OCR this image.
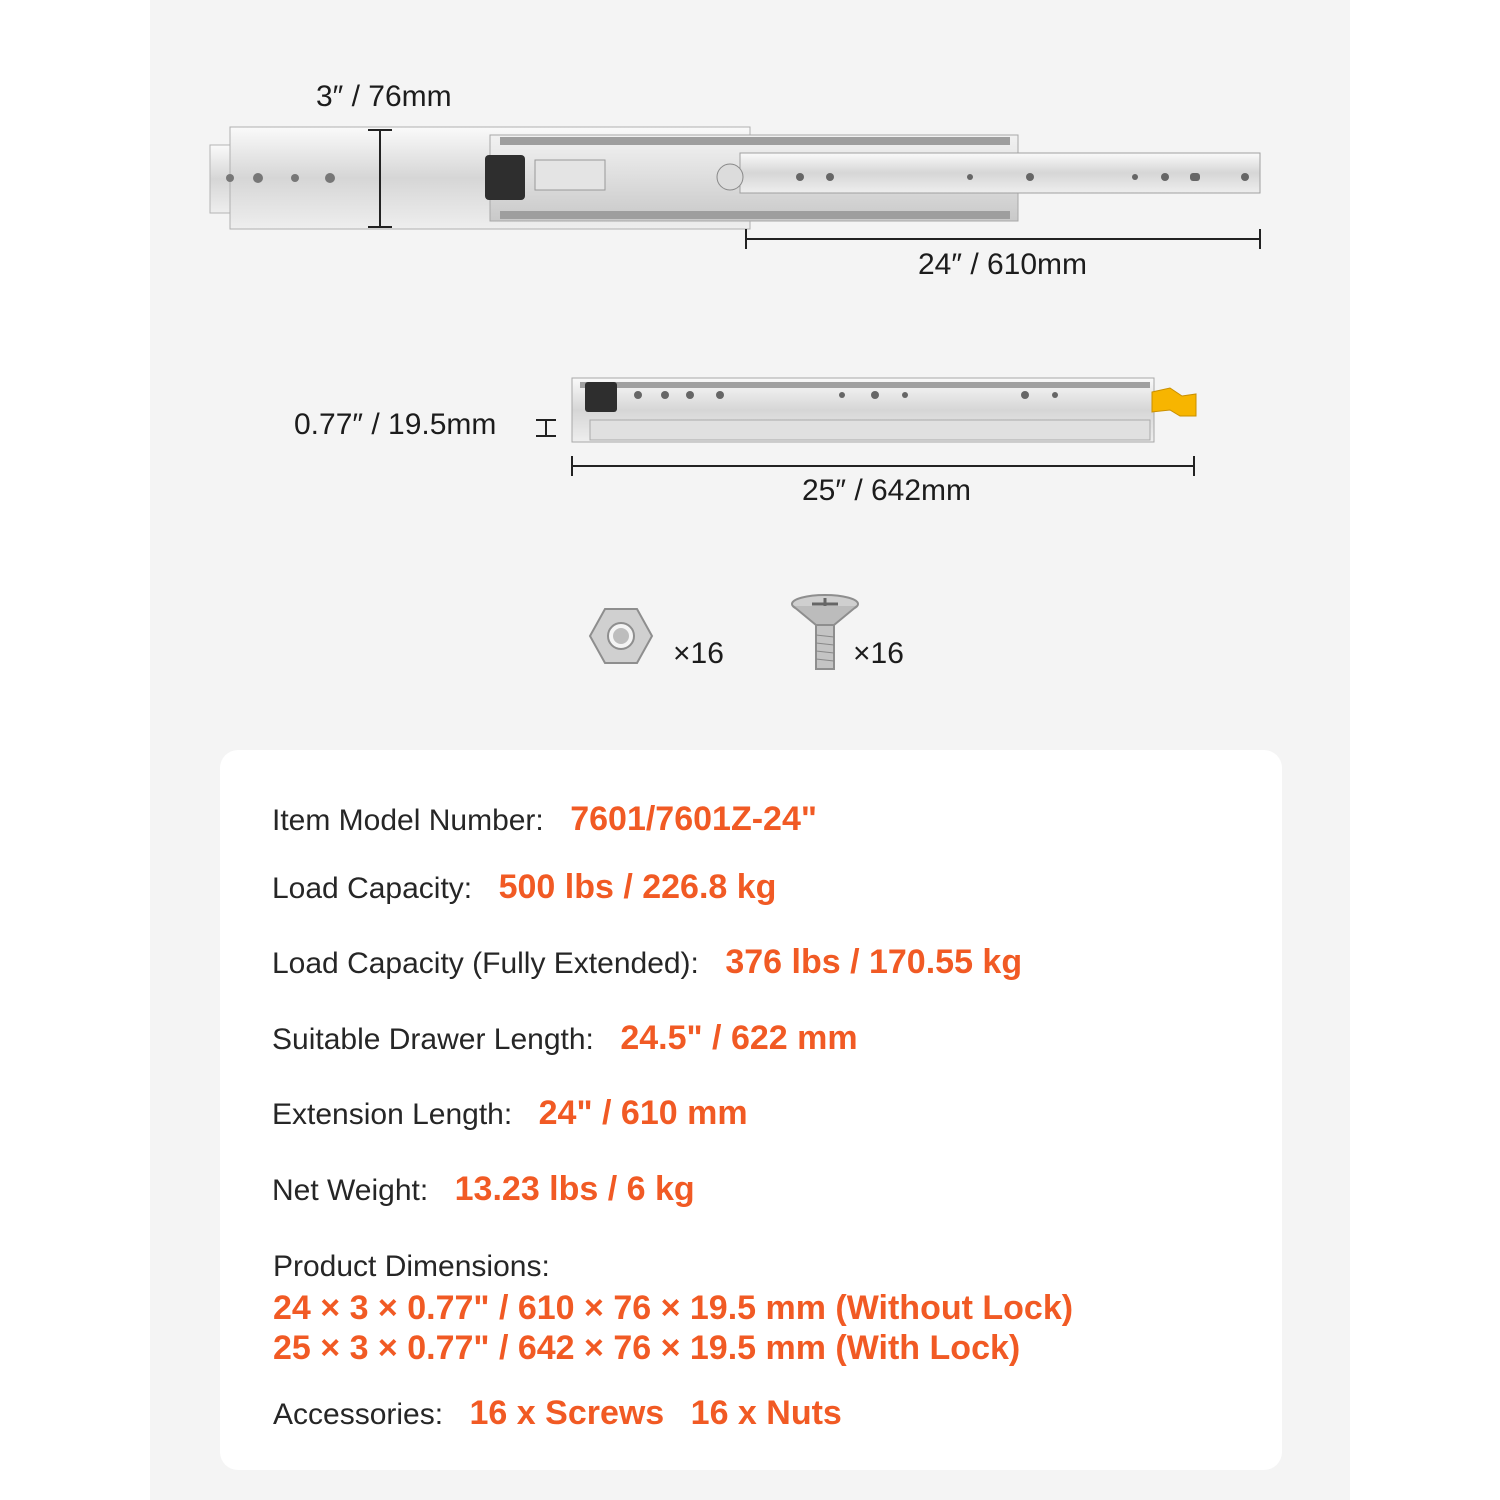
3″ / 76mm
24″ / 610mm
0.77″ / 19.5mm
25″ / 642mm
×16	×16
Item Model Number: 7601/7601Z-24"
Load Capacity: 500 lbs / 226.8 kg
Load Capacity (Fully Extended): 376 lbs / 170.55 kg
Suitable Drawer Length: 24.5" / 622 mm
Extension Length: 24" / 610 mm
Net Weight: 13.23 lbs / 6 kg
Product Dimensions:
24 × 3 × 0.77" / 610 × 76 × 19.5 mm (Without Lock)
25 × 3 × 0.77" / 642 × 76 × 19.5 mm (With Lock)
Accessories: 16 x Screws 16 x Nuts
